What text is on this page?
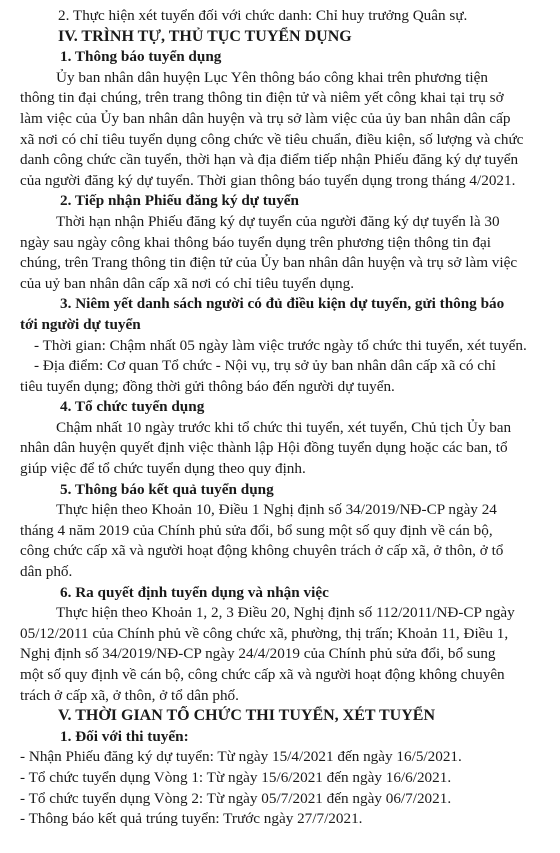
2. Thực hiện xét tuyển đối với chức danh: Chỉ huy trưởng Quân sự.

IV. TRÌNH TỰ, THỦ TỤC TUYỂN DỤNG

1. Thông báo tuyển dụng

Ủy ban nhân dân huyện Lục Yên thông báo công khai trên phương tiện

thông tin đại chúng, trên trang thông tin điện tử và niêm yết công khai tại trụ sở

làm việc của Ủy ban nhân dân huyện và trụ sở làm việc của ủy ban nhân dân cấp

xã nơi có chỉ tiêu tuyển dụng công chức về tiêu chuẩn, điều kiện, số lượng và chức

danh công chức cần tuyển, thời hạn và địa điểm tiếp nhận Phiếu đăng ký dự tuyển

của người đăng ký dự tuyển. Thời gian thông báo tuyển dụng trong tháng 4/2021.

2. Tiếp nhận Phiếu đăng ký dự tuyển

Thời hạn nhận Phiếu đăng ký dự tuyển của người đăng ký dự tuyển là 30

ngày sau ngày công khai thông báo tuyển dụng trên phương tiện thông tin đại

chúng, trên Trang thông tin điện tử của Ủy ban nhân dân huyện và trụ sở làm việc

của uỷ ban nhân dân cấp xã nơi có chỉ tiêu tuyển dụng.

3. Niêm yết danh sách người có đủ điều kiện dự tuyển, gửi thông báo

tới người dự tuyển

- Thời gian: Chậm nhất 05 ngày làm việc trước ngày tổ chức thi tuyển, xét tuyển.

- Địa điểm: Cơ quan Tổ chức - Nội vụ, trụ sở ủy ban nhân dân cấp xã có chỉ

tiêu tuyển dụng; đồng thời gửi thông báo đến người dự tuyển.

4. Tổ chức tuyển dụng

Chậm nhất 10 ngày trước khi tổ chức thi tuyển, xét tuyển, Chủ tịch Ủy ban

nhân dân huyện quyết định việc thành lập Hội đồng tuyển dụng hoặc các ban, tổ

giúp việc để tổ chức tuyển dụng theo quy định.

5. Thông báo kết quả tuyển dụng

Thực hiện theo Khoản 10, Điều 1 Nghị định số 34/2019/NĐ-CP ngày 24

tháng 4 năm 2019 của Chính phủ sửa đổi, bổ sung một số quy định về cán bộ,

công chức cấp xã và người hoạt động không chuyên trách ở cấp xã, ở thôn, ở tổ

dân phố.

6. Ra quyết định tuyển dụng và nhận việc

Thực hiện theo Khoản 1, 2, 3 Điều 20, Nghị định số 112/2011/NĐ-CP ngày

05/12/2011 của Chính phủ về công chức xã, phường, thị trấn; Khoản 11, Điều 1,

Nghị định số 34/2019/NĐ-CP ngày 24/4/2019 của Chính phủ sửa đổi, bổ sung

một số quy định về cán bộ, công chức cấp xã và người hoạt động không chuyên

trách ở cấp xã, ở thôn, ở tổ dân phố.

V. THỜI GIAN TỔ CHỨC THI TUYỂN, XÉT TUYỂN

1. Đối với thi tuyển:

- Nhận Phiếu đăng ký dự tuyển: Từ ngày 15/4/2021 đến ngày 16/5/2021.

- Tổ chức tuyển dụng Vòng 1: Từ ngày 15/6/2021 đến ngày 16/6/2021.

- Tổ chức tuyển dụng Vòng 2: Từ ngày 05/7/2021 đến ngày 06/7/2021.

- Thông báo kết quả trúng tuyển: Trước ngày 27/7/2021.
